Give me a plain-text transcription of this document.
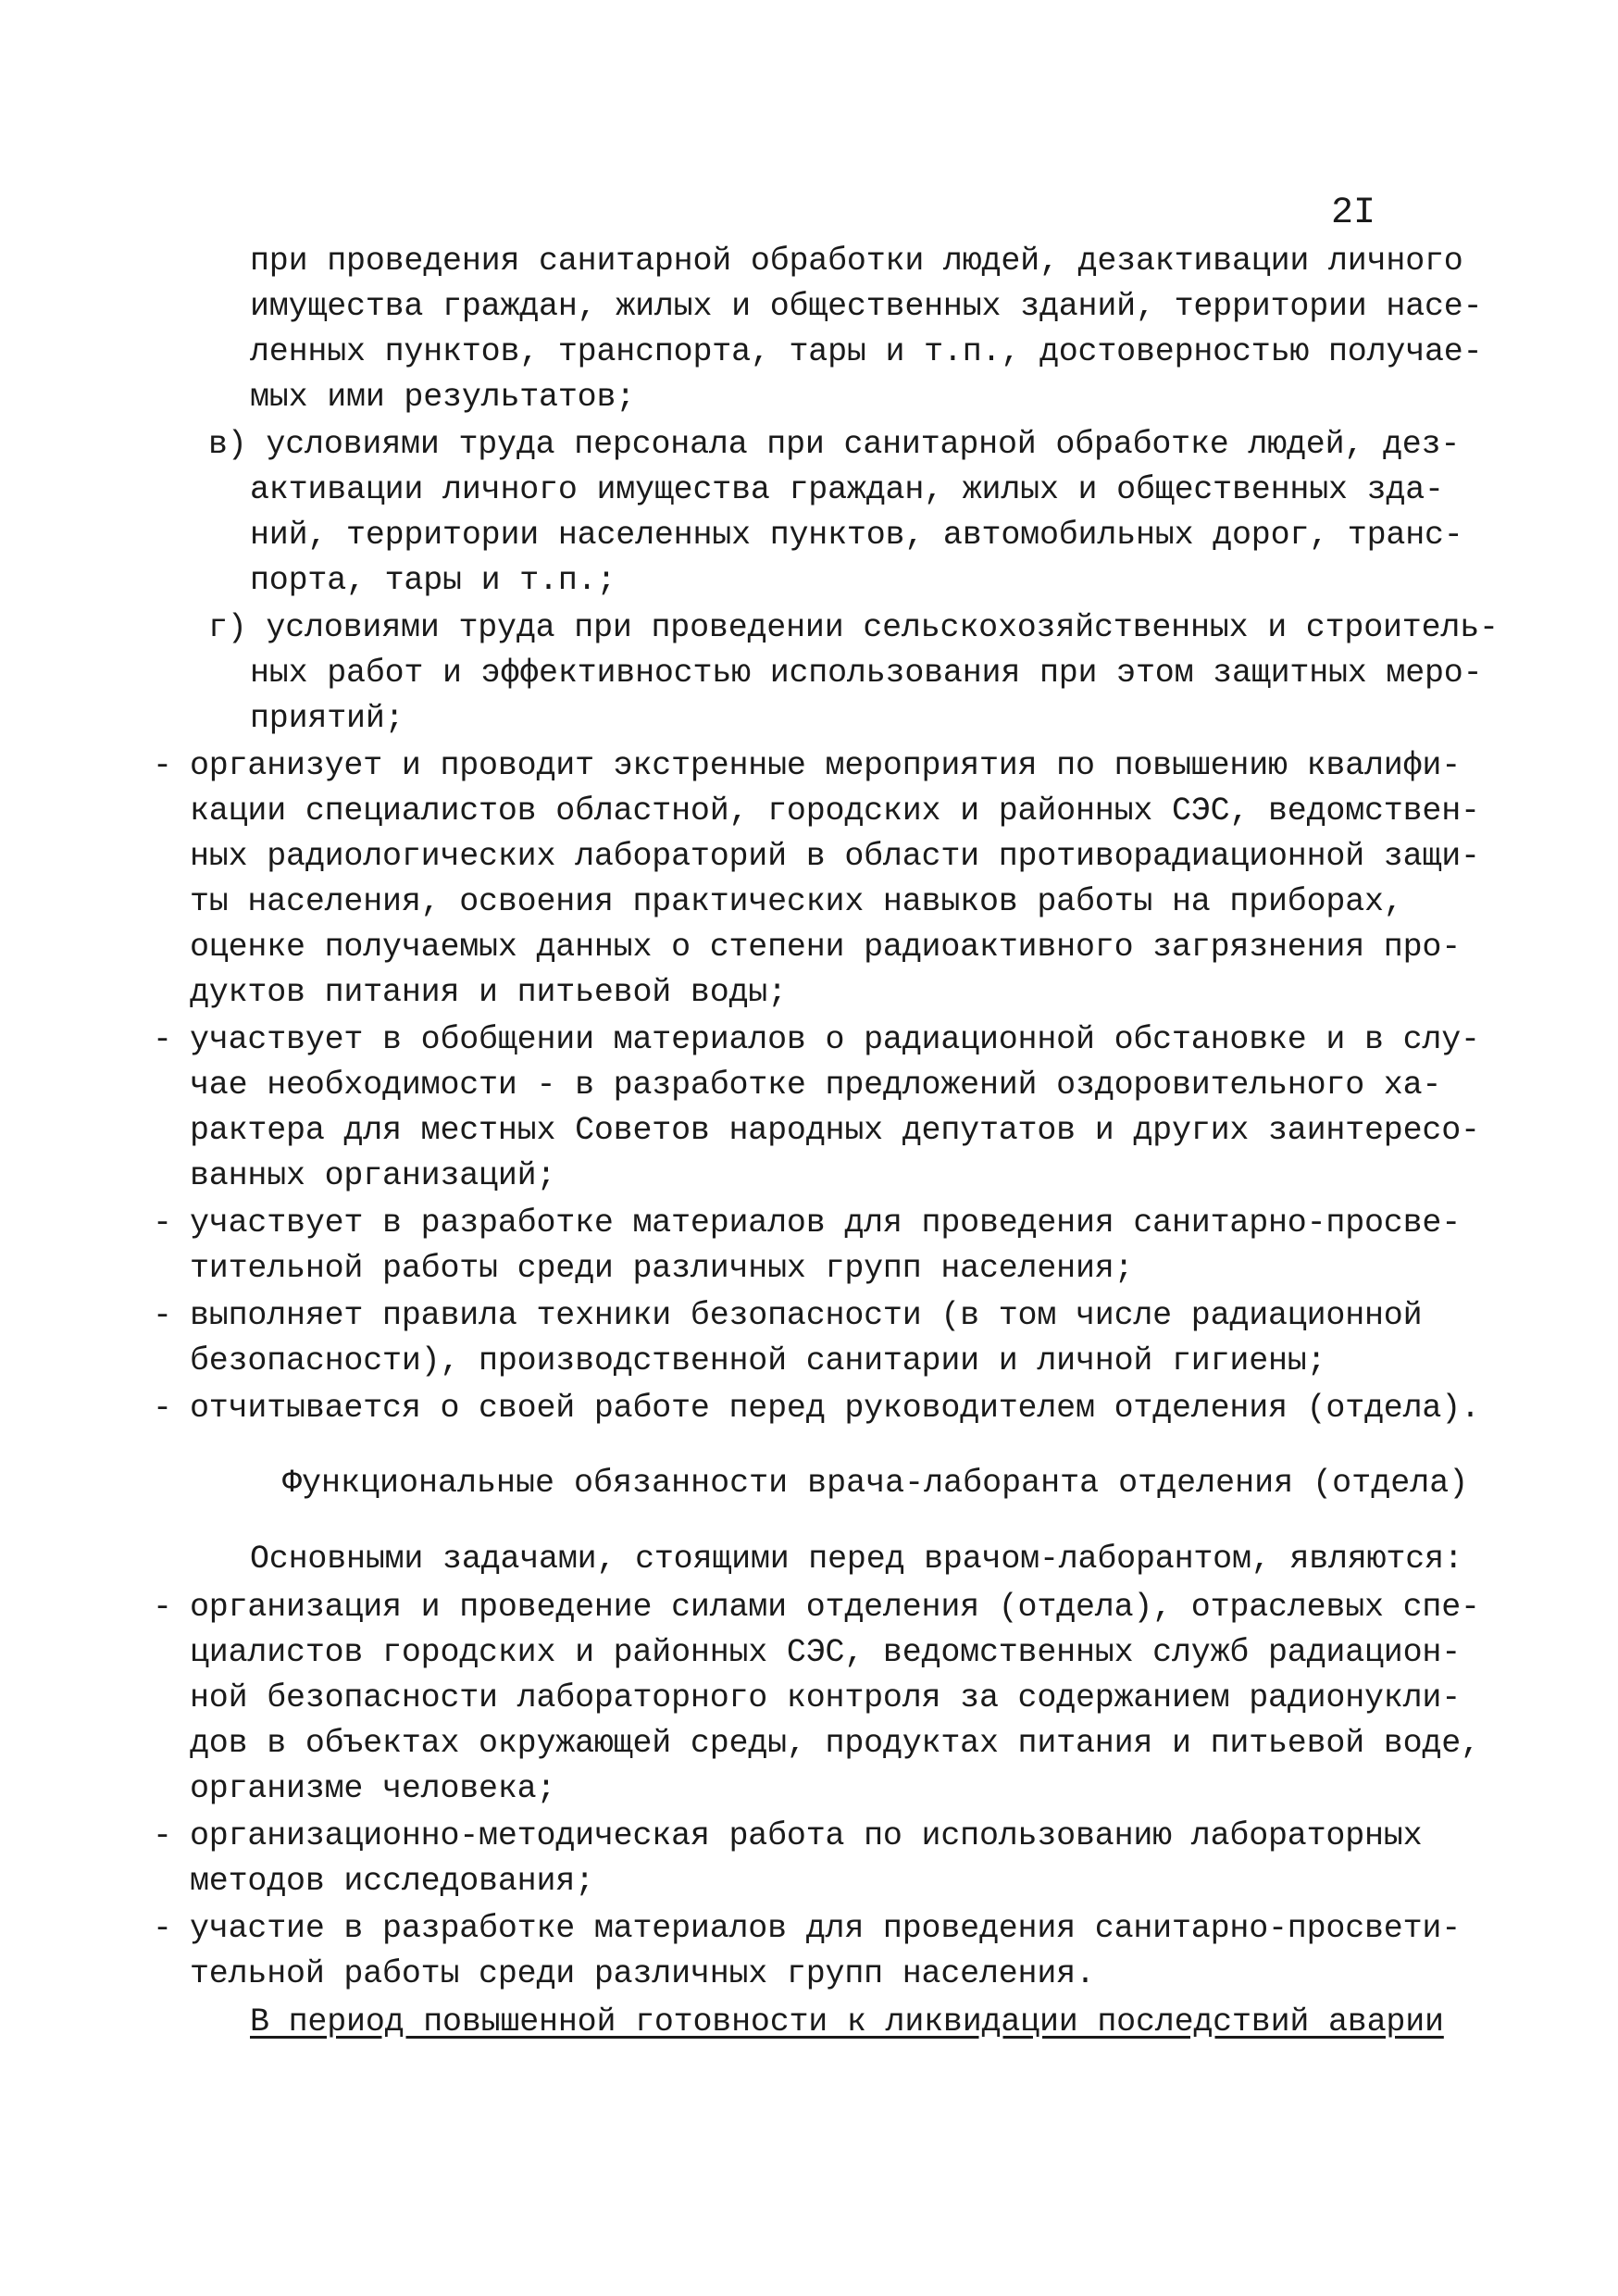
2I
при проведения санитарной обработки людей, дезактивации личного
имущества граждан, жилых и общественных зданий, территории насе-
ленных пунктов, транспорта, тары и т.п., достоверностью получае-
мых ими результатов;
в) условиями труда персонала при санитарной обработке людей, дез-
активации личного имущества граждан, жилых и общественных зда-
ний, территории населенных пунктов, автомобильных дорог, транс-
порта, тары и т.п.;
г) условиями труда при проведении сельскохозяйственных и строитель-
ных работ и эффективностью использования при этом защитных меро-
приятий;
- организует и проводит экстренные мероприятия по повышению квалифи-
кации специалистов областной, городских и районных СЭС, ведомствен-
ных радиологических лабораторий в области противорадиационной защи-
ты населения, освоения практических навыков работы на приборах,
оценке получаемых данных о степени радиоактивного загрязнения про-
дуктов питания и питьевой воды;
- участвует в обобщении материалов о радиационной обстановке и в слу-
чае необходимости - в разработке предложений оздоровительного ха-
рактера для местных Советов народных депутатов и других заинтересо-
ванных организаций;
- участвует в разработке материалов для проведения санитарно-просве-
тительной работы среди различных групп населения;
- выполняет правила техники безопасности (в том числе радиационной
безопасности), производственной санитарии и личной гигиены;
- отчитывается о своей работе перед руководителем отделения (отдела).
Функциональные обязанности врача-лаборанта отделения (отдела)
Основными задачами, стоящими перед врачом-лаборантом, являются:
- организация и проведение силами отделения (отдела), отраслевых спе-
циалистов городских и районных СЭС, ведомственных служб радиацион-
ной безопасности лабораторного контроля за содержанием радионукли-
дов в объектах окружающей среды, продуктах питания и питьевой воде,
организме человека;
- организационно-методическая работа по использованию лабораторных
методов исследования;
- участие в разработке материалов для проведения санитарно-просвети-
тельной работы среди различных групп населения.
В период повышенной готовности к ликвидации последствий аварии
